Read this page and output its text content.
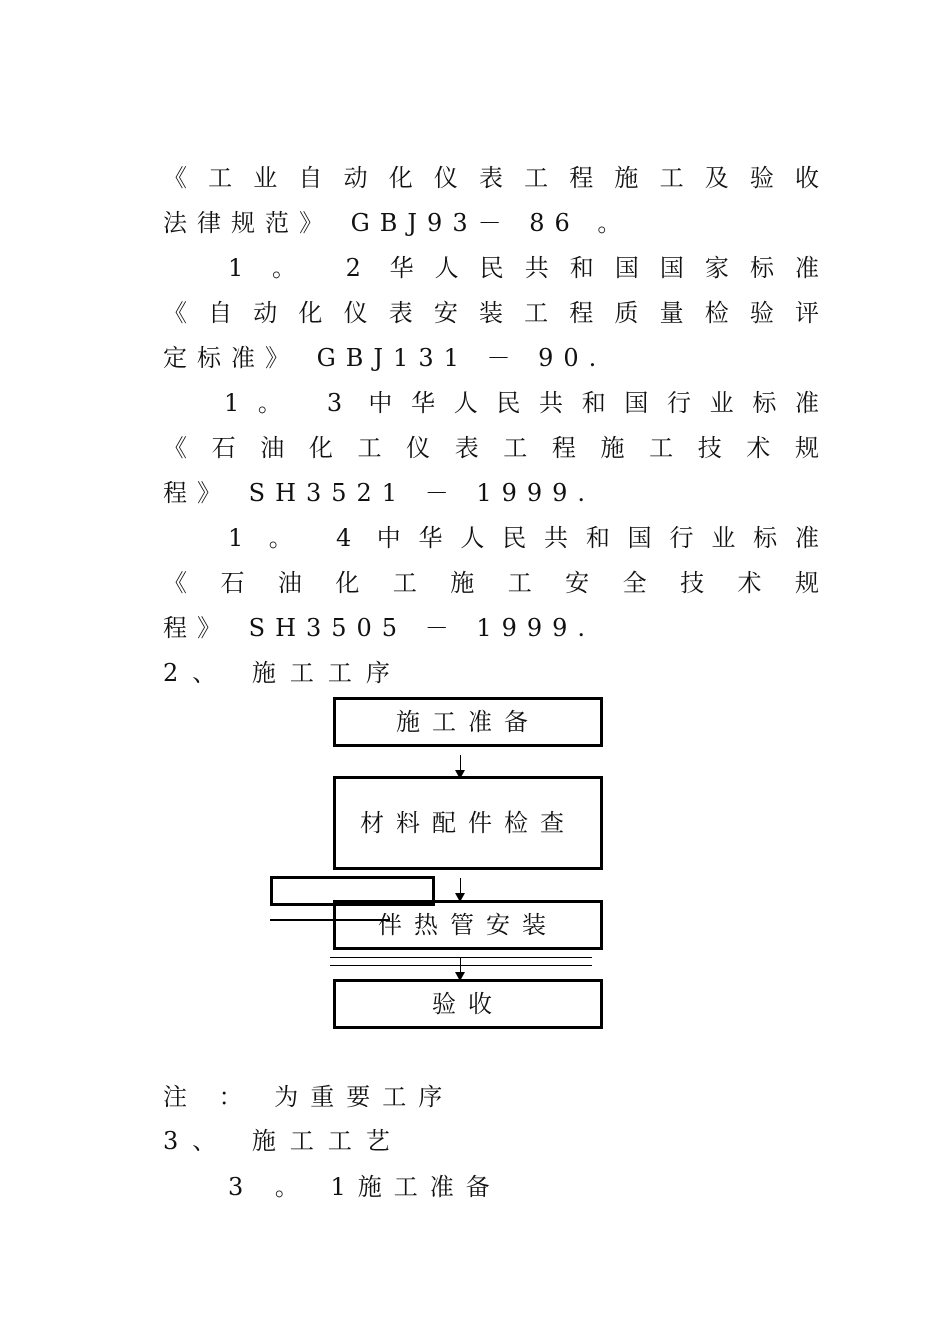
《工业自动化仪表工程施工及验收
法律规范》 GBJ93－ 86 。
1 。 2 华人民共和国国家标准
《自动化仪表安装工程质量检验评
定标准》 GBJ131 － 90.
1。 3 中华人民共和国行业标准
《石油化工仪表工程施工技术规
程》 SH3521 － 1999.
1 。 4 中华人民共和国行业标准
《石油化工施工安全技术规
程》 SH3505 － 1999.
2、 施工工序
施工准备
材料配件检查
伴热管安装
验收
注 ： 为重要工序
3、 施工工艺
3 。 1施工准备
